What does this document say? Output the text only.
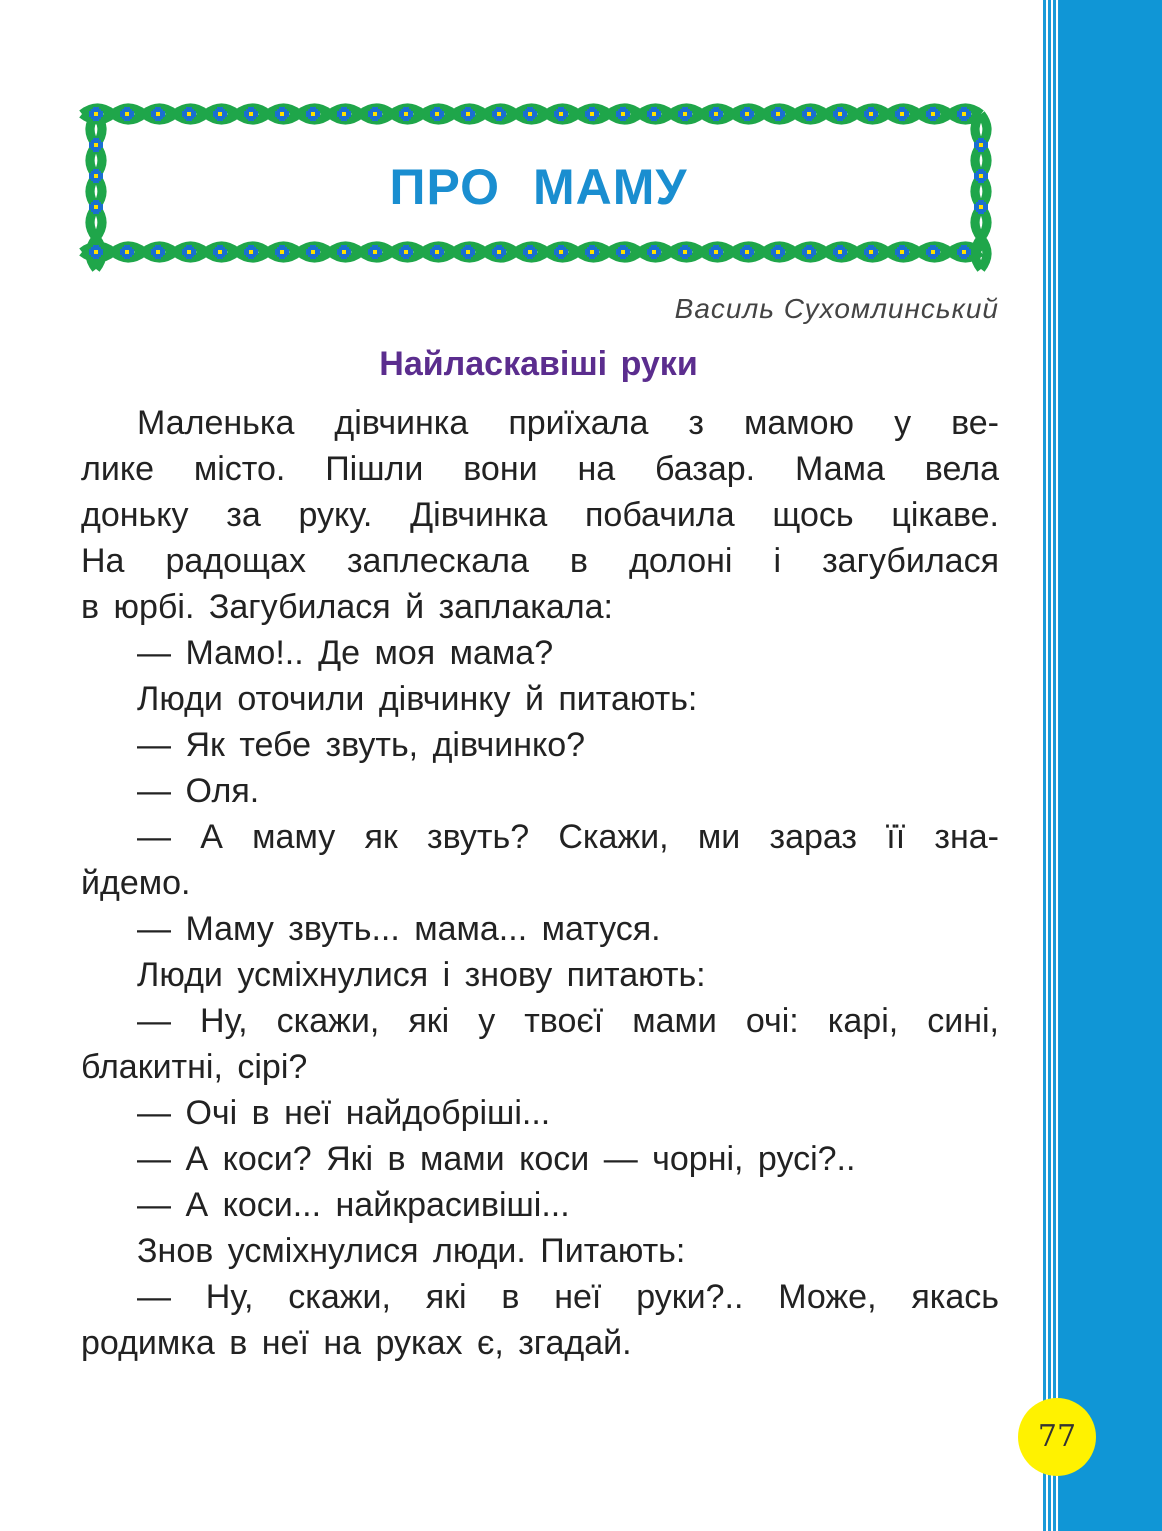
ПРО МАМУ
Василь Сухомлинський
Найласкавіші руки
Маленька дівчинка приїхала з мамою у ве-
лике місто. Пішли вони на базар. Мама вела
доньку за руку. Дівчинка побачила щось цікаве.
На радощах заплескала в долоні і загубилася
в юрбі. Загубилася й заплакала:
— Мамо!.. Де моя мама?
Люди оточили дівчинку й питають:
— Як тебе звуть, дівчинко?
— Оля.
— А маму як звуть? Скажи, ми зараз її зна-
йдемо.
— Маму звуть... мама... матуся.
Люди усміхнулися і знову питають:
— Ну, скажи, які у твоєї мами очі: карі, сині,
блакитні, сірі?
— Очі в неї найдобріші...
— А коси? Які в мами коси — чорні, русі?..
— А коси... найкрасивіші...
Знов усміхнулися люди. Питають:
— Ну, скажи, які в неї руки?.. Може, якась
родимка в неї на руках є, згадай.
77
